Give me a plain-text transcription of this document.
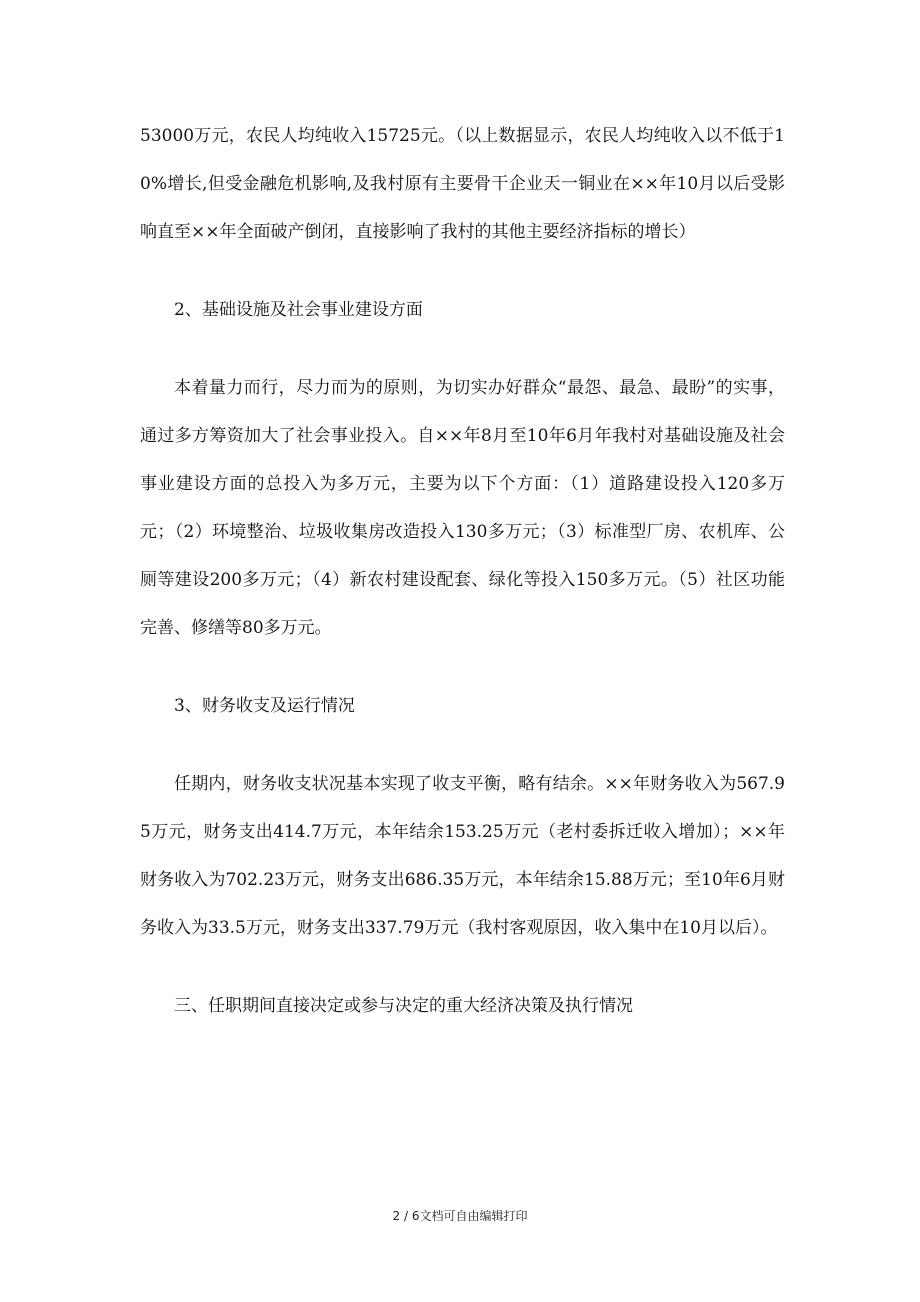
53000万元，农民人均纯收入15725元。（以上数据显示，农民人均纯收入以不低于10%增长,但受金融危机影响,及我村原有主要骨干企业天一铜业在××年10月以后受影响直至××年全面破产倒闭，直接影响了我村的其他主要经济指标的增长）

2、基础设施及社会事业建设方面

本着量力而行，尽力而为的原则，为切实办好群众“最怨、最急、最盼”的实事，通过多方筹资加大了社会事业投入。自××年8月至10年6月年我村对基础设施及社会事业建设方面的总投入为多万元，主要为以下个方面：（1）道路建设投入120多万元；（2）环境整治、垃圾收集房改造投入130多万元；（3）标准型厂房、农机库、公厕等建设200多万元；（4）新农村建设配套、绿化等投入150多万元。（5）社区功能完善、修缮等80多万元。

3、财务收支及运行情况

任期内，财务收支状况基本实现了收支平衡，略有结余。××年财务收入为567.95万元，财务支出414.7万元，本年结余153.25万元（老村委拆迁收入增加）；××年财务收入为702.23万元，财务支出686.35万元，本年结余15.88万元；至10年6月财务收入为33.5万元，财务支出337.79万元（我村客观原因，收入集中在10月以后）。

三、任职期间直接决定或参与决定的重大经济决策及执行情况

2 / 6文档可自由编辑打印
